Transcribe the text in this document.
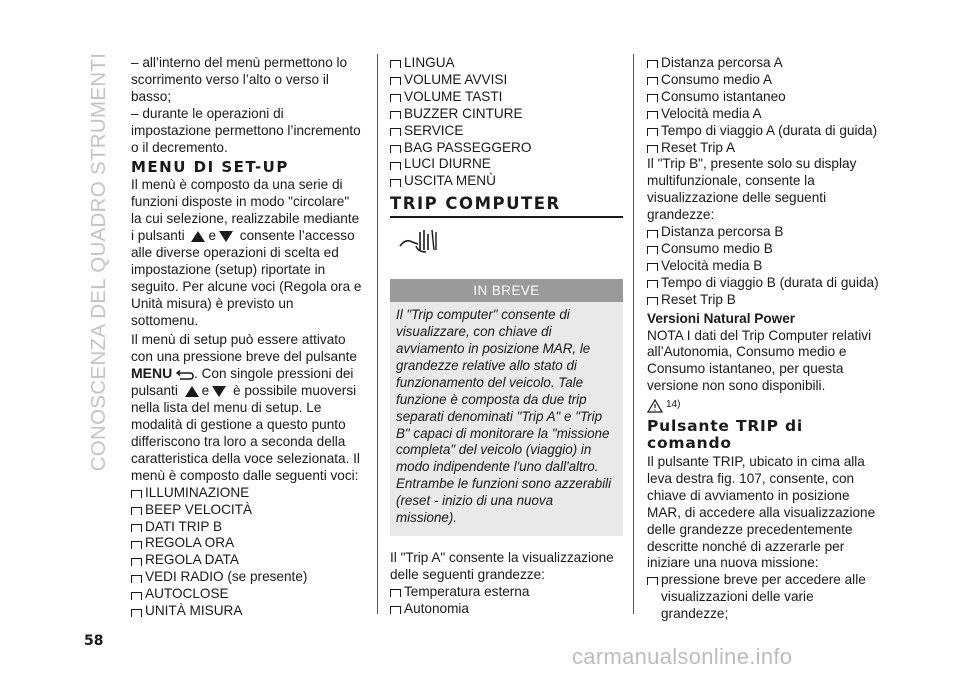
CONOSCENZA DEL QUADRO STRUMENTI – all’interno del menù permettono lo scorrimento verso l’alto o verso il basso;

– durante le operazioni di impostazione permettono l’incremento o il decremento.

MENU DI SET-UP

Il menù è composto da una serie di funzioni disposte in modo "circolare" la cui selezione, realizzabile mediante i pulsanti e consente l’accesso alle diverse operazioni di scelta ed impostazione (setup) riportate in seguito. Per alcune voci (Regola ora e Unità misura) è previsto un sottomenu.

Il menù di setup può essere attivato con una pressione breve del pulsante MENU . Con singole pressioni dei pulsanti e è possibile muoversi nella lista del menu di setup. Le modalità di gestione a questo punto differiscono tra loro a seconda della caratteristica della voce selezionata. Il menù è composto dalle seguenti voci:

ILLUMINAZIONE
BEEP VELOCITÀ
DATI TRIP B
REGOLA ORA
REGOLA DATA
VEDI RADIO (se presente)
AUTOCLOSE
UNITÀ MISURA
LINGUA
VOLUME AVVISI
VOLUME TASTI
BUZZER CINTURE
SERVICE
BAG PASSEGGERO
LUCI DIURNE
USCITA MENÙ
TRIP COMPUTER
IN BREVE

Il "Trip computer" consente di visualizzare, con chiave di avviamento in posizione MAR, le grandezze relative allo stato di funzionamento del veicolo. Tale funzione è composta da due trip separati denominati "Trip A" e "Trip B" capaci di monitorare la "missione completa" del veicolo (viaggio) in modo indipendente l'uno dall'altro.

Entrambe le funzioni sono azzerabili (reset - inizio di una nuova missione).

Il "Trip A" consente la visualizzazione delle seguenti grandezze:

Temperatura esterna
Autonomia
Distanza percorsa A
Consumo medio A
Consumo istantaneo
Velocità media A
Tempo di viaggio A (durata di guida)
Reset Trip A

Il "Trip B", presente solo su display multifunzionale, consente la visualizzazione delle seguenti grandezze:

Distanza percorsa B
Consumo medio B
Velocità media B
Tempo di viaggio B (durata di guida)
Reset Trip B
Versioni Natural Power

NOTA I dati del Trip Computer relativi all’Autonomia, Consumo medio e Consumo istantaneo, per questa versione non sono disponibili.

14)
Pulsante TRIP di comando

Il pulsante TRIP, ubicato in cima alla leva destra fig. 107, consente, con chiave di avviamento in posizione MAR, di accedere alla visualizzazione delle grandezze precedentemente descritte nonché di azzerarle per iniziare una nuova missione:

pressione breve per accedere alle visualizzazioni delle varie grandezze;
58
carmanualsonline.info
